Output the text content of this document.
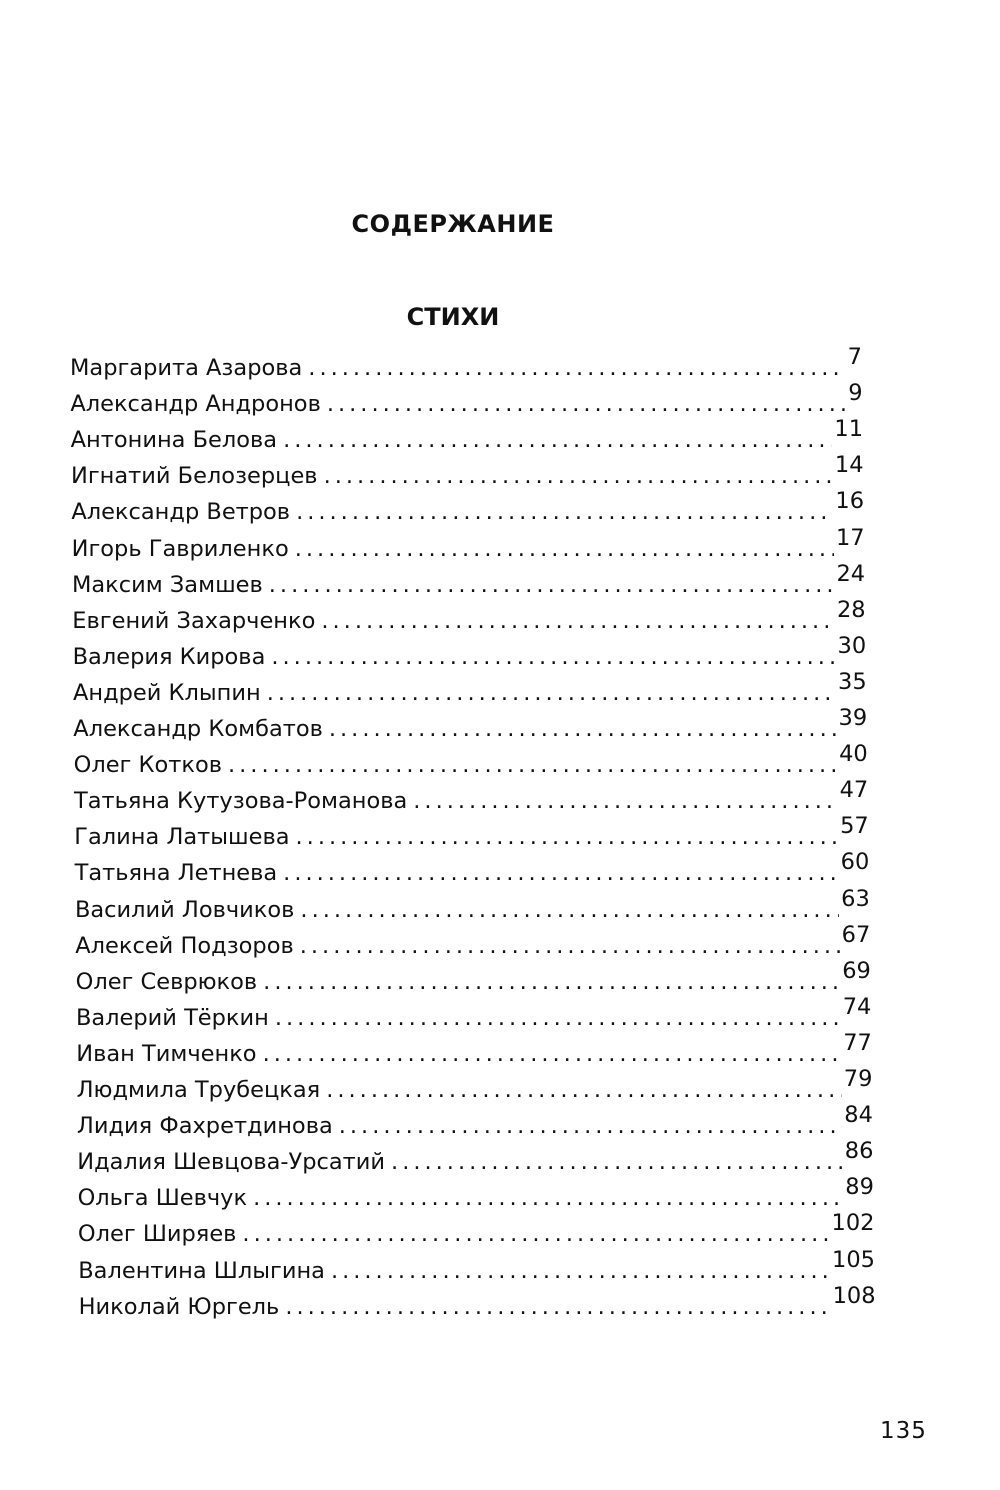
СОДЕРЖАНИЕ
СТИХИ
Маргарита Азарова .....	7
Александр Андронов .....	9
Антонина Белова .....	11
Игнатий Белозерцев .....	14
Александр Ветров .....	16
Игорь Гавриленко .....	17
Максим Замшев .....	24
Евгений Захарченко .....	28
Валерия Кирова .....	30
Андрей Клыпин .....	35
Александр Комбатов .....	39
Олег Котков .....	40
Татьяна Кутузова-Романова .....	47
Галина Латышева .....	57
Татьяна Летнева .....	60
Василий Ловчиков .....	63
Алексей Подзоров .....	67
Олег Севрюков .....	69
Валерий Тёркин .....	74
Иван Тимченко .....	77
Людмила Трубецкая .....	79
Лидия Фахретдинова .....	84
Идалия Шевцова-Урсатий .....	86
Ольга Шевчук .....	89
Олег Ширяев .....	102
Валентина Шлыгина .....	105
Николай Юргель .....	108
135
